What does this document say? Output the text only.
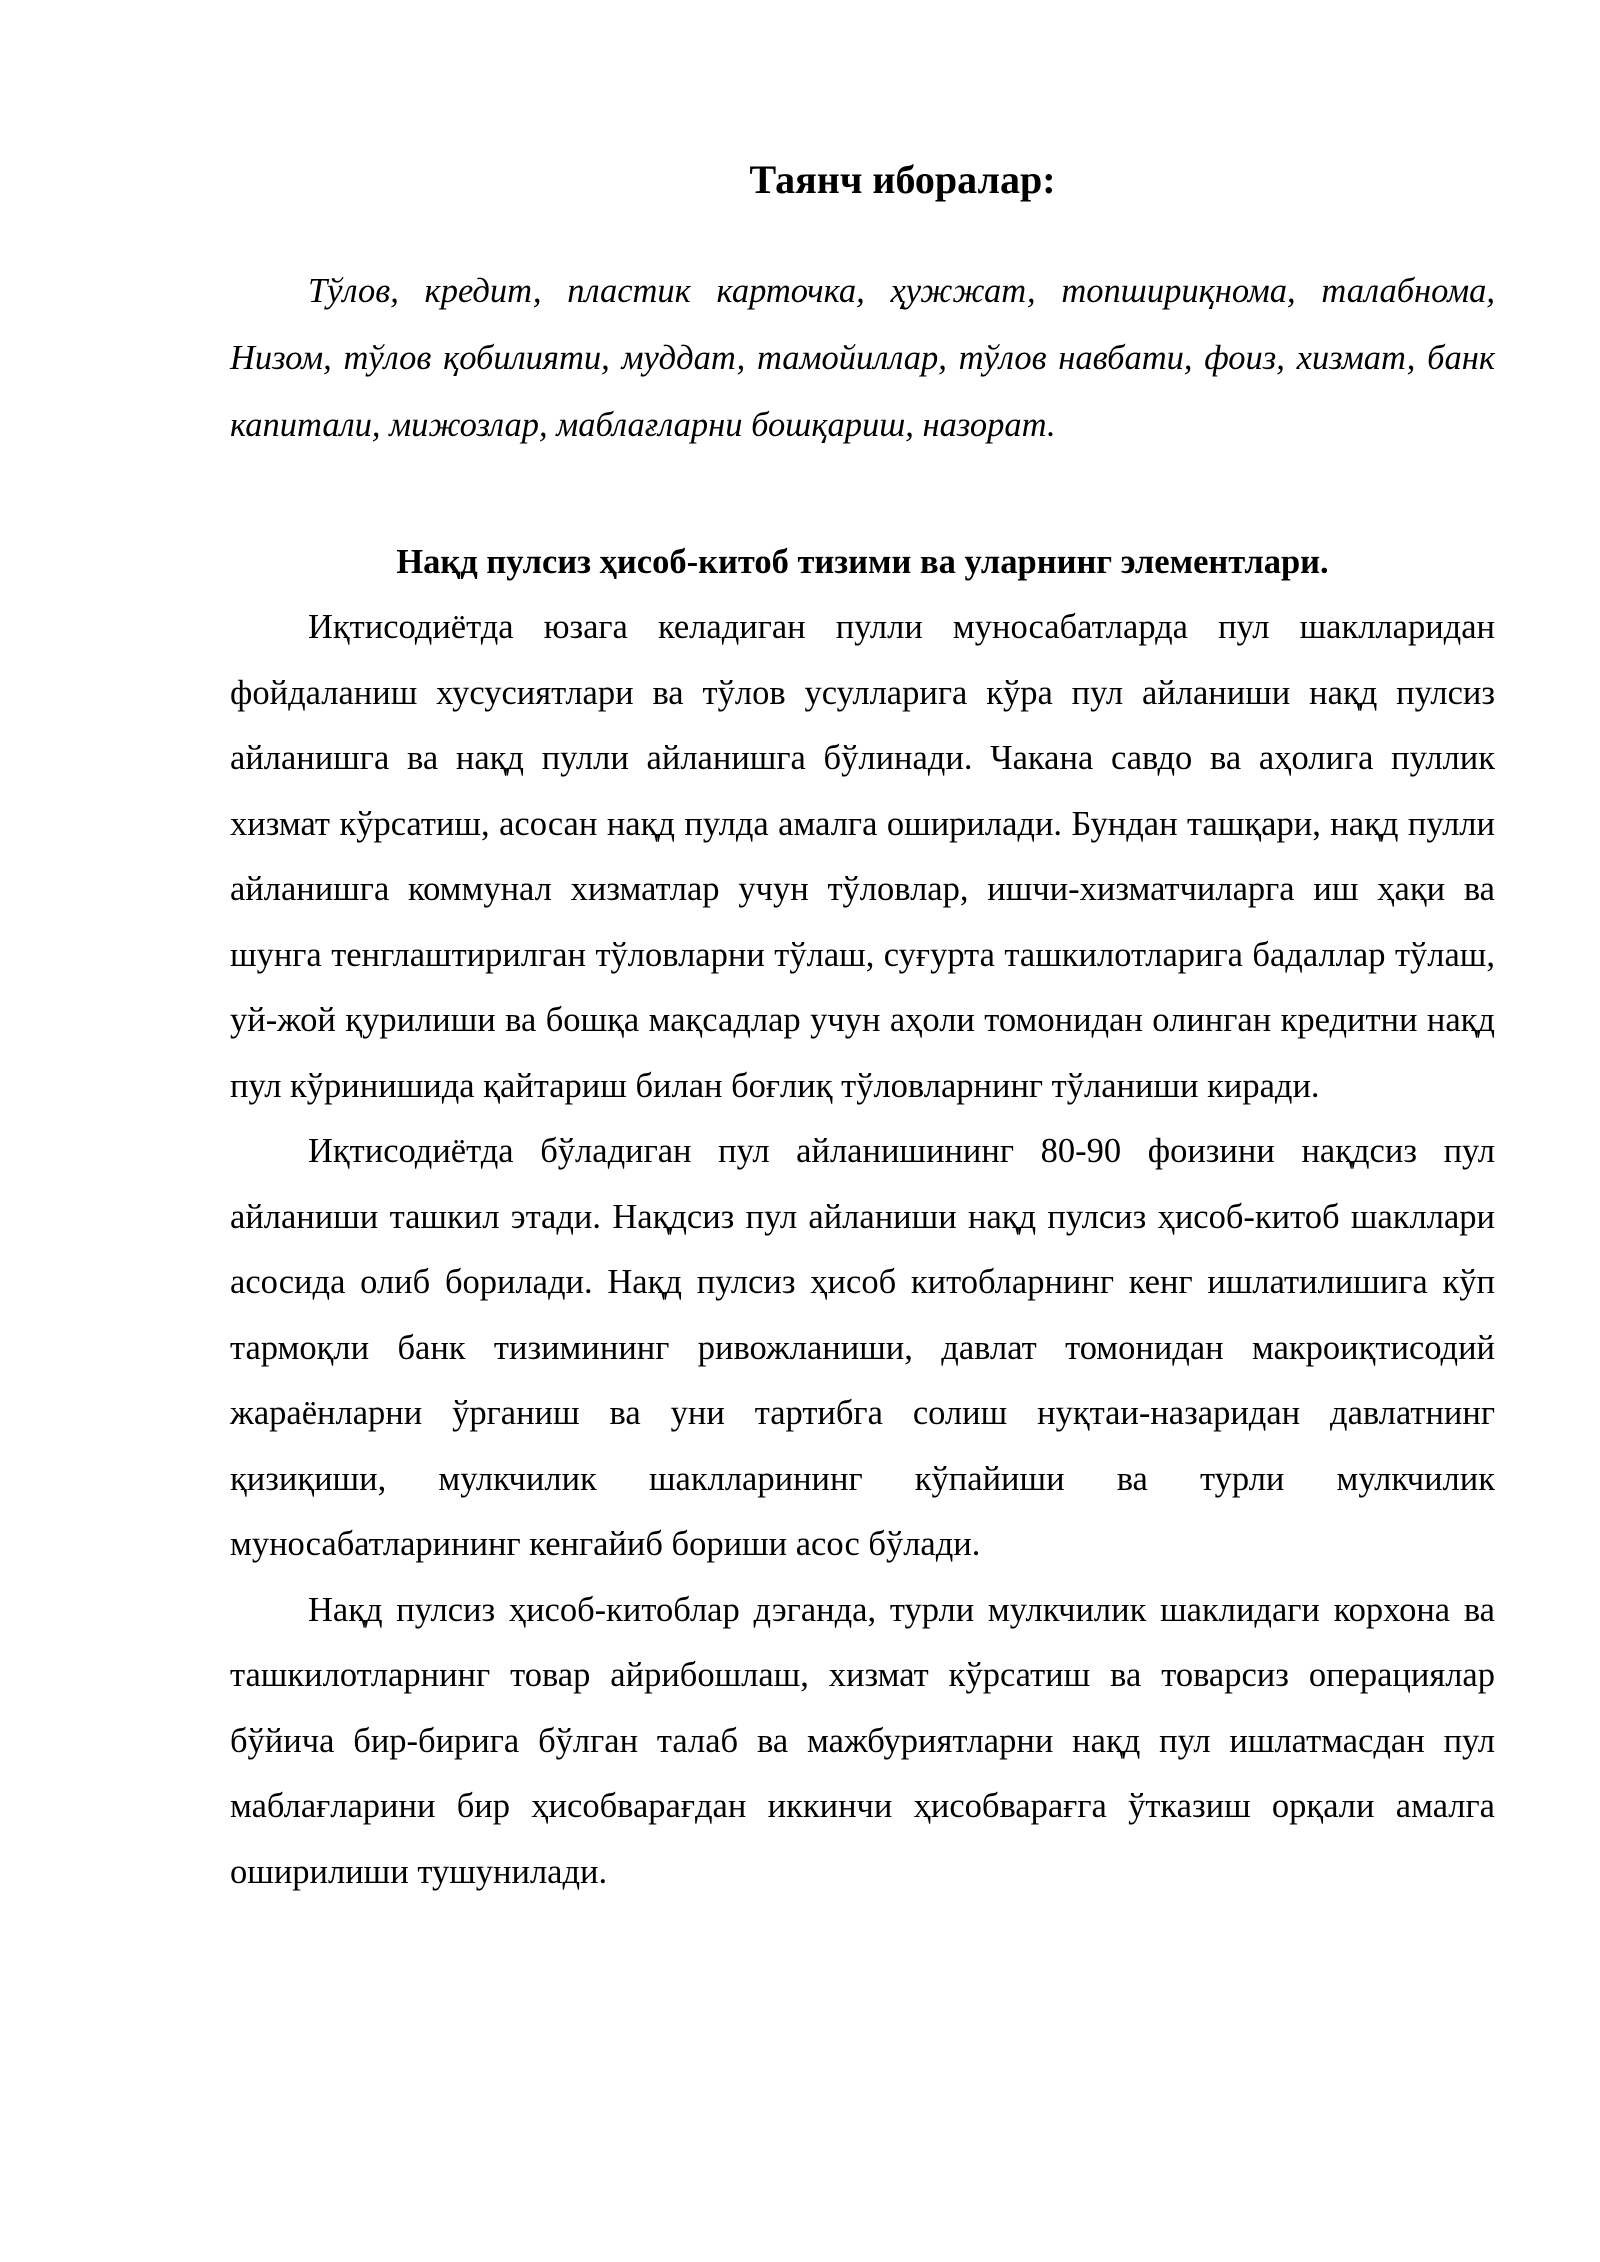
Таянч иборалар:

Тўлов, кредит, пластик карточка, ҳужжат, топшириқнома, талабнома, Низом, тўлов қобилияти, муддат, тамойиллар, тўлов навбати, фоиз, хизмат, банк капитали, мижозлар, маблағларни бошқариш, назорат.

Нақд пулсиз ҳисоб-китоб тизими ва уларнинг элементлари.

Иқтисодиётда юзага келадиган пулли муносабатларда пул шаклларидан фойдаланиш хусусиятлари ва тўлов усулларига кўра пул айланиши нақд пулсиз айланишга ва нақд пулли айланишга бўлинади. Чакана савдо ва аҳолига пуллик хизмат кўрсатиш, асосан нақд пулда амалга оширилади. Бундан ташқари, нақд пулли айланишга коммунал хизматлар учун тўловлар, ишчи-хизматчиларга иш ҳақи ва шунга тенглаштирилган тўловларни тўлаш, суғурта ташкилотларига бадаллар тўлаш, уй-жой қурилиши ва бошқа мақсадлар учун аҳоли томонидан олинган кредитни нақд пул кўринишида қайтариш билан боғлиқ тўловларнинг тўланиши киради.

Иқтисодиётда бўладиган пул айланишининг 80-90 фоизини нақдсиз пул айланиши ташкил этади. Нақдсиз пул айланиши нақд пулсиз ҳисоб-китоб шакллари асосида олиб борилади. Нақд пулсиз ҳисоб китобларнинг кенг ишлатилишига кўп тармоқли банк тизимининг ривожланиши, давлат томонидан макроиқтисодий жараёнларни ўрганиш ва уни тартибга солиш нуқтаи-назаридан давлатнинг қизиқиши, мулкчилик шаклларининг кўпайиши ва турли мулкчилик муносабатларининг кенгайиб бориши асос бўлади.

Нақд пулсиз ҳисоб-китоблар дэганда, турли мулкчилик шаклидаги корхона ва ташкилотларнинг товар айрибошлаш, хизмат кўрсатиш ва товарсиз операциялар бўйича бир-бирига бўлган талаб ва мажбуриятларни нақд пул ишлатмасдан пул маблағларини бир ҳисобварағдан иккинчи ҳисобварағга ўтказиш орқали амалга оширилиши тушунилади.
